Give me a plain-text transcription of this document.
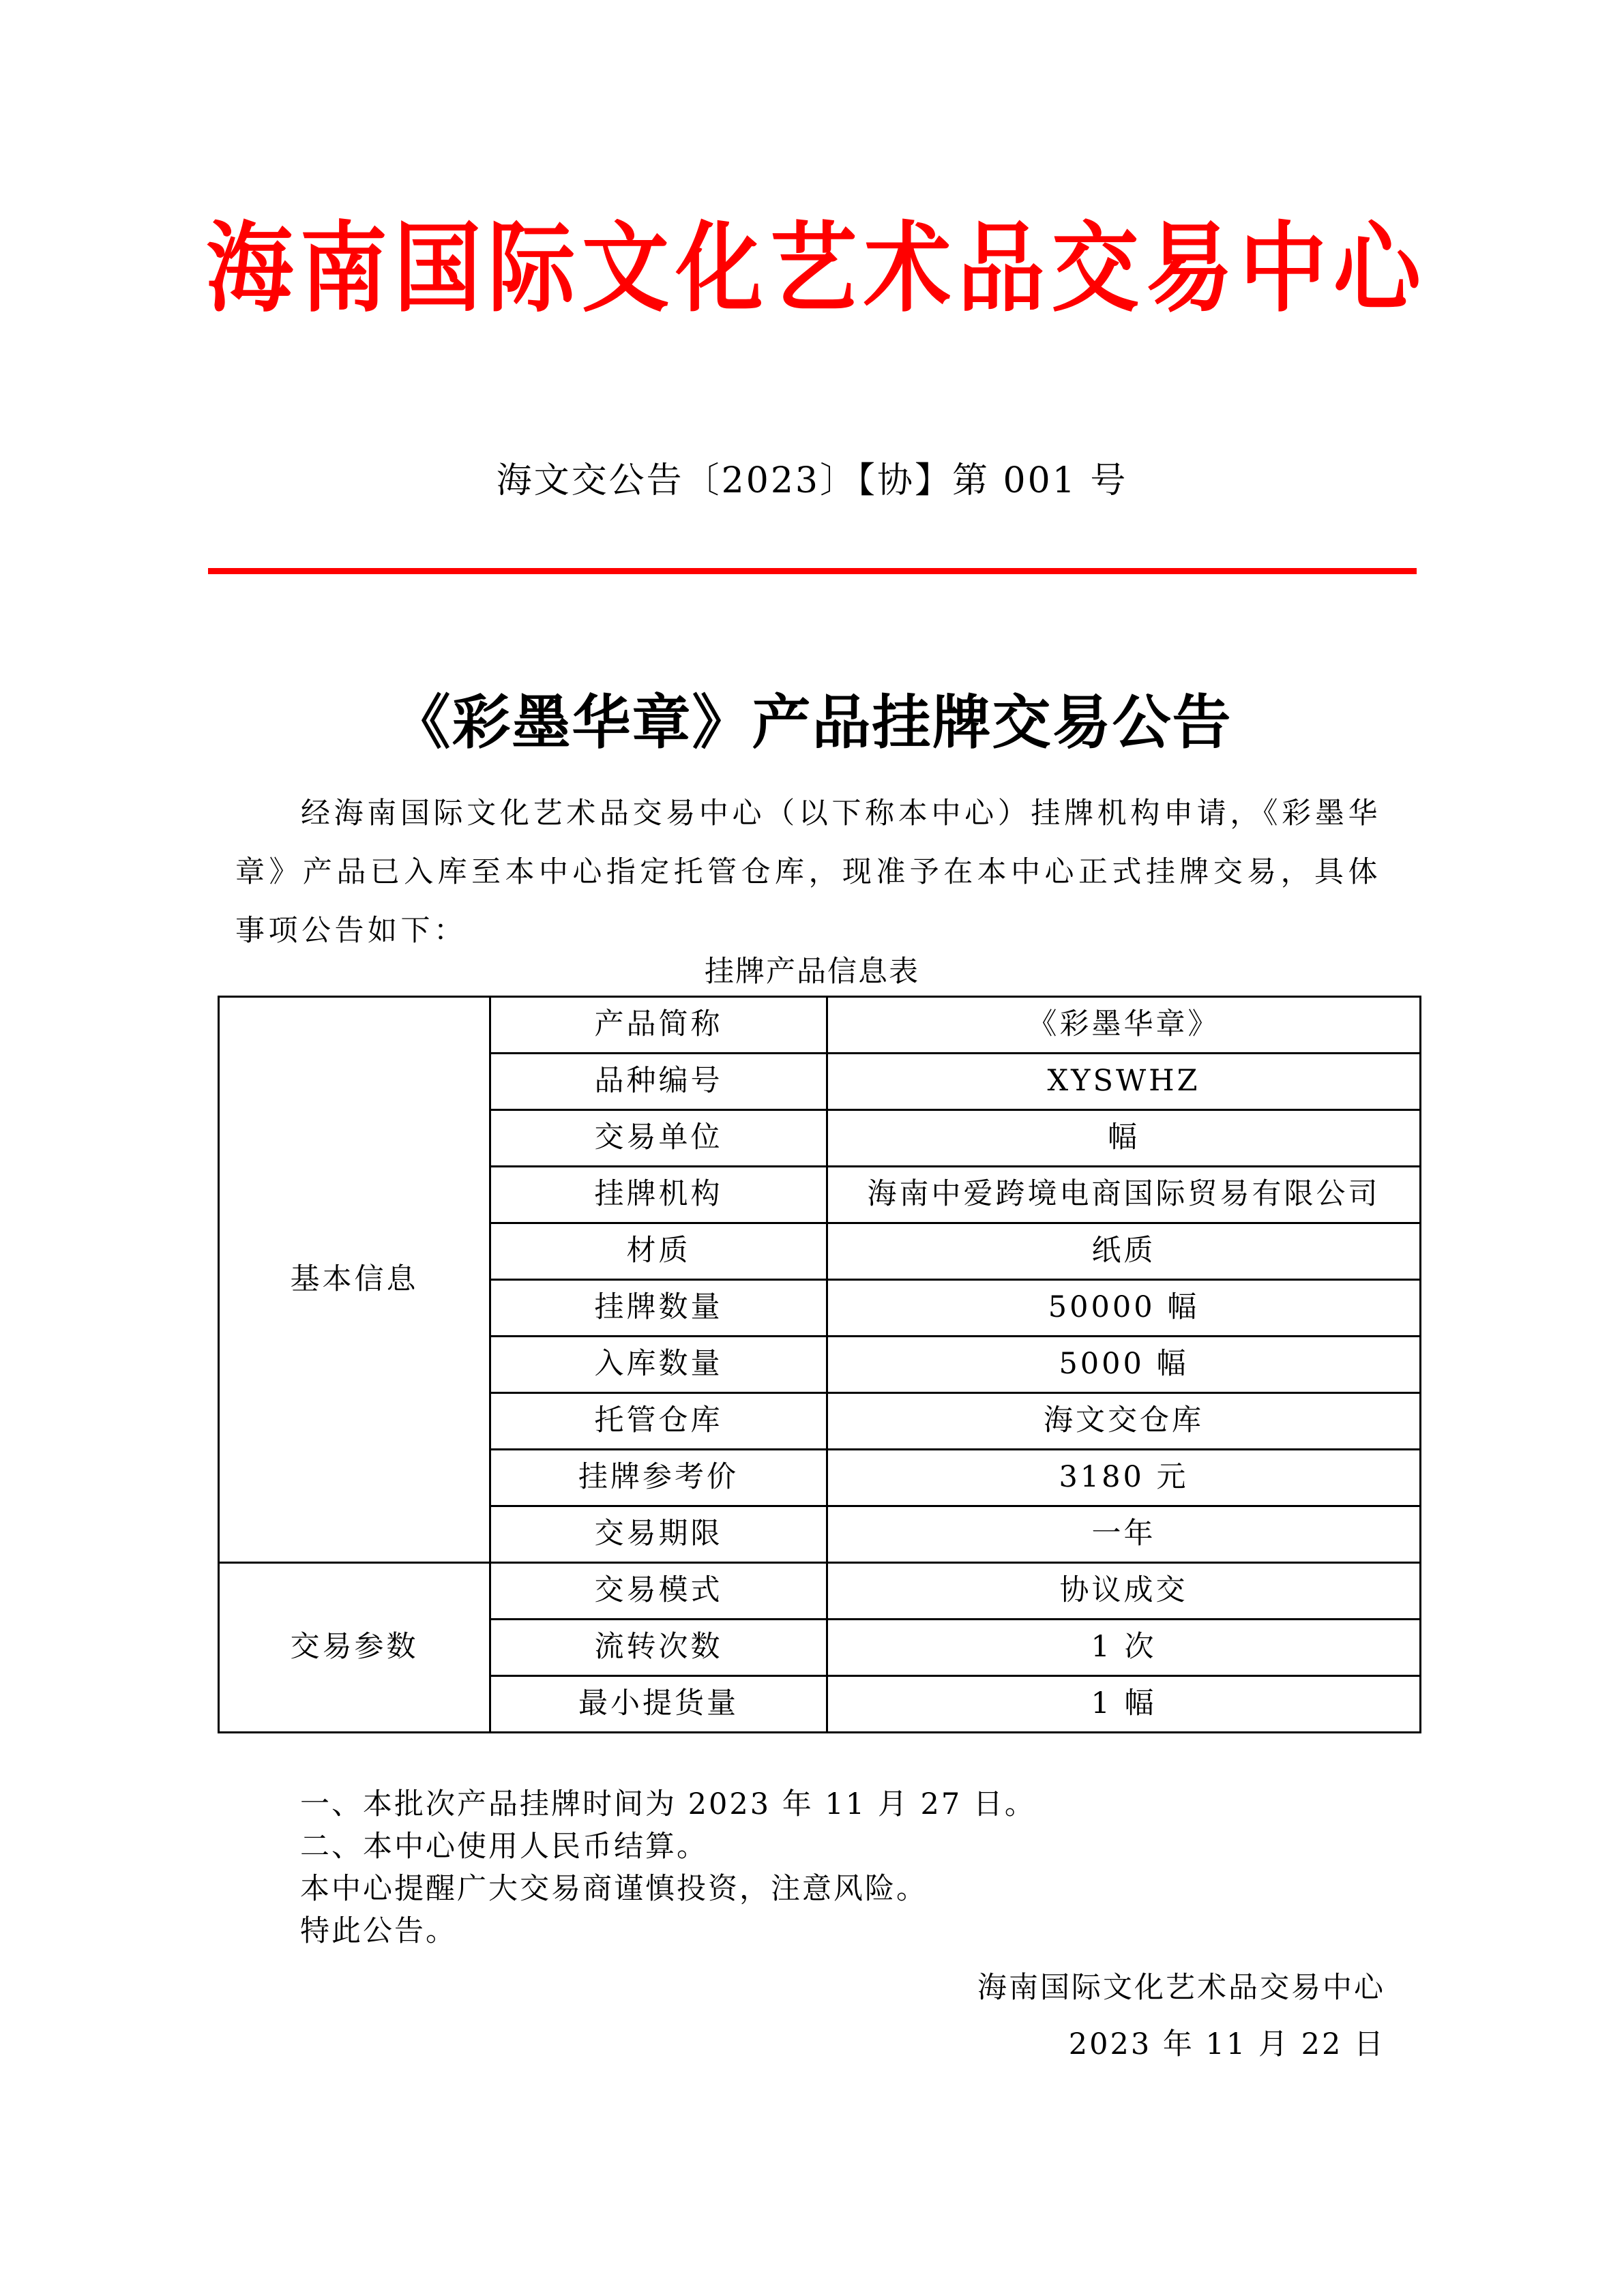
海 南 国 际 文 化 艺 术 品 交 易 中 心
海文交公告〔2023〕【协】第 001 号
《彩墨华章》产品挂牌交易公告
经海南国际文化艺术品交易中心（以下称本中心）挂牌机构申请，《彩墨华章》产品已入库至本中心指定托管仓库，现准予在本中心正式挂牌交易，具体事项公告如下：
挂牌产品信息表
基本信息	产品简称	《彩墨华章》
	品种编号	XYSWHZ
	交易单位	幅
	挂牌机构	海南中爱跨境电商国际贸易有限公司
	材质	纸质
	挂牌数量	50000 幅
	入库数量	5000 幅
	托管仓库	海文交仓库
	挂牌参考价	3180 元
	交易期限	一年
交易参数	交易模式	协议成交
	流转次数	1 次
	最小提货量	1 幅
一、本批次产品挂牌时间为 2023 年 11 月 27 日。
二、本中心使用人民币结算。
本中心提醒广大交易商谨慎投资，注意风险。
特此公告。
海南国际文化艺术品交易中心
2023 年 11 月 22 日
